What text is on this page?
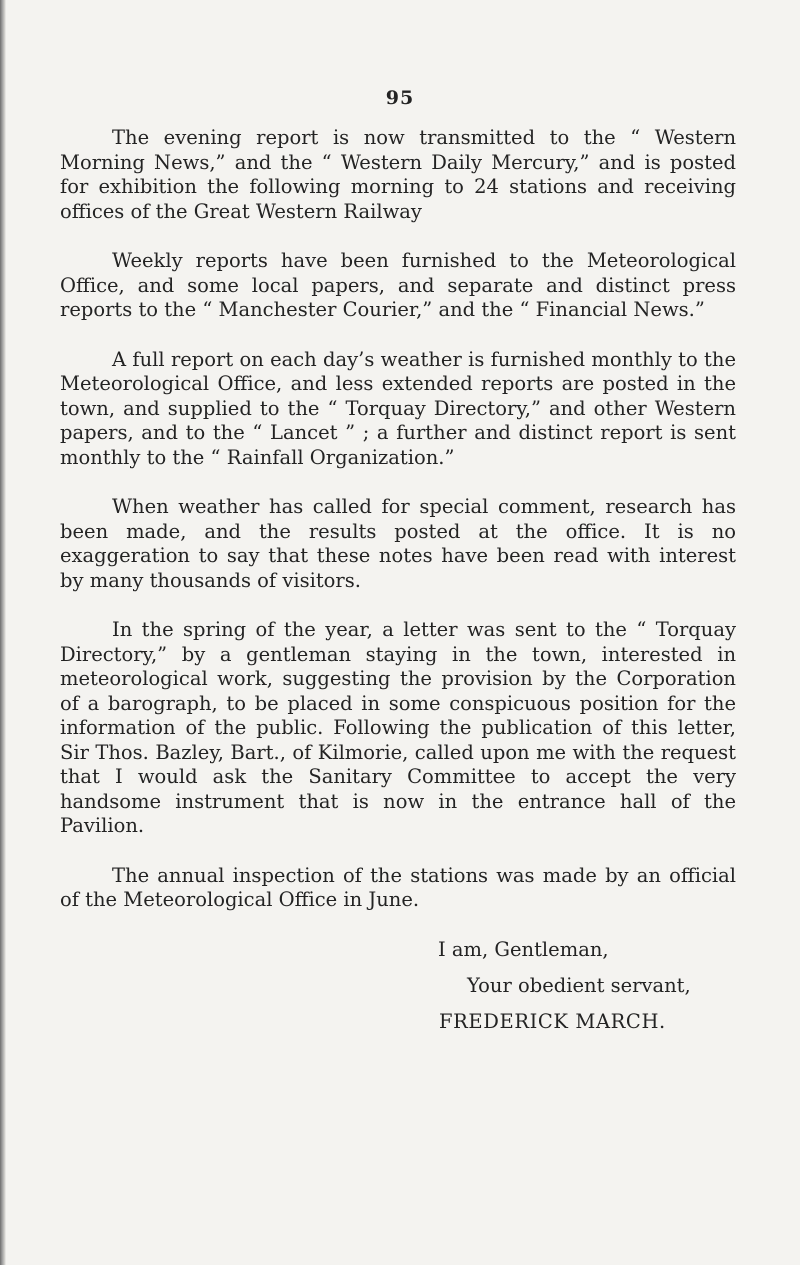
95

The evening report is now transmitted to the “ Western Morning News,” and the “ Western Daily Mercury,” and is posted for exhibition the following morning to 24 stations and receiving offices of the Great Western Railway

Weekly reports have been furnished to the Meteorological Office, and some local papers, and separate and distinct press reports to the “ Manchester Courier,” and the “ Financial News.”

A full report on each day’s weather is furnished monthly to the Meteorological Office, and less extended reports are posted in the town, and supplied to the “ Torquay Directory,” and other Western papers, and to the “ Lancet ” ; a further and distinct report is sent monthly to the “ Rainfall Organization.”

When weather has called for special comment, research has been made, and the results posted at the office. It is no exaggeration to say that these notes have been read with interest by many thousands of visitors.

In the spring of the year, a letter was sent to the “ Torquay Directory,” by a gentleman staying in the town, interested in meteorological work, suggesting the provision by the Corporation of a barograph, to be placed in some conspicuous position for the information of the public. Following the publication of this letter, Sir Thos. Bazley, Bart., of Kilmorie, called upon me with the request that I would ask the Sanitary Committee to accept the very handsome instrument that is now in the entrance hall of the Pavilion.

The annual inspection of the stations was made by an official of the Meteorological Office in June.

I am, Gentleman,
Your obedient servant,
FREDERICK MARCH.
